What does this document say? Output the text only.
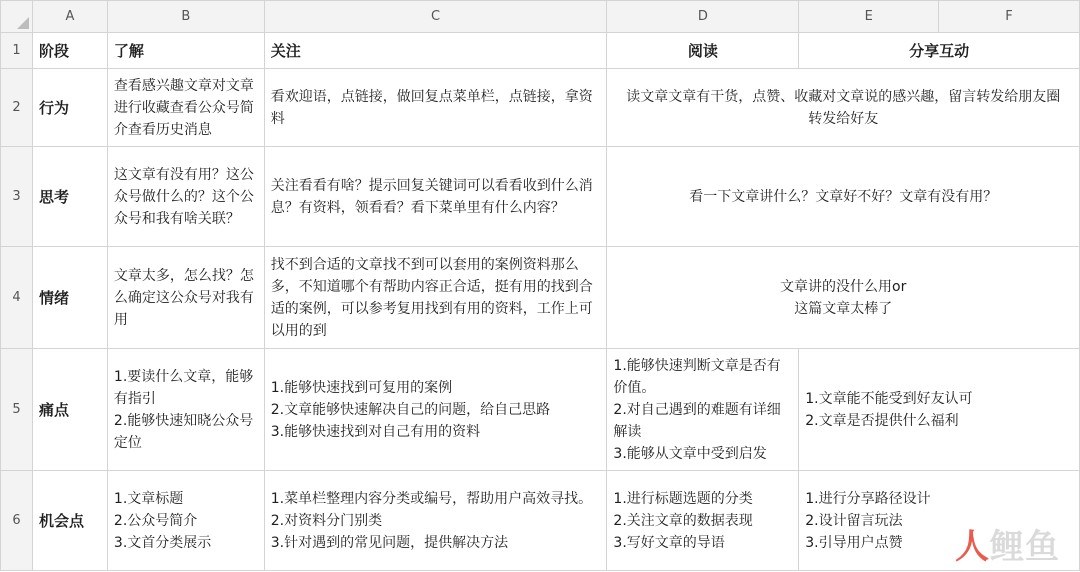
	A	B	C	D	E	F
1	阶段	了解	关注	阅读	分享互动	
2	行为	查看感兴趣文章对文章进行收藏查看公众号简介查看历史消息	看欢迎语，点链接，做回复点菜单栏，点链接，拿资料	读文章文章有干货，点赞、收藏对文章说的感兴趣，留言转发给朋友圈转发给好友		
3	思考	这文章有没有用？这公众号做什么的？这个公众号和我有啥关联？	关注看看有啥？提示回复关键词可以看看收到什么消息？有资料，领看看？看下菜单里有什么内容？	看一下文章讲什么？文章好不好？文章有没有用？		
4	情绪	文章太多，怎么找？怎么确定这公众号对我有用	找不到合适的文章找不到可以套用的案例资料那么多，不知道哪个有帮助内容正合适，挺有用的找到合适的案例，可以参考复用找到有用的资料，工作上可以用的到	文章讲的没什么用or
这篇文章太棒了		

5	痛点	1.要读什么文章，能够有指引
2.能够快速知晓公众号定位	1.能够快速找到可复用的案例
2.文章能够快速解决自己的问题，给自己思路
3.能够快速找到对自己有用的资料	1.能够快速判断文章是否有价值。
2.对自己遇到的难题有详细解读
3.能够从文章中受到启发	1.文章能不能受到好友认可
2.文章是否提供什么福利	

6	机会点	1.文章标题
2.公众号简介
3.文首分类展示	1.菜单栏整理内容分类或编号，帮助用户高效寻找。
2.对资料分门别类
3.针对遇到的常见问题，提供解决方法	1.进行标题选题的分类
2.关注文章的数据表现
3.写好文章的导语	1.进行分享路径设计
2.设计留言玩法
3.引导用户点赞		人鲤鱼
